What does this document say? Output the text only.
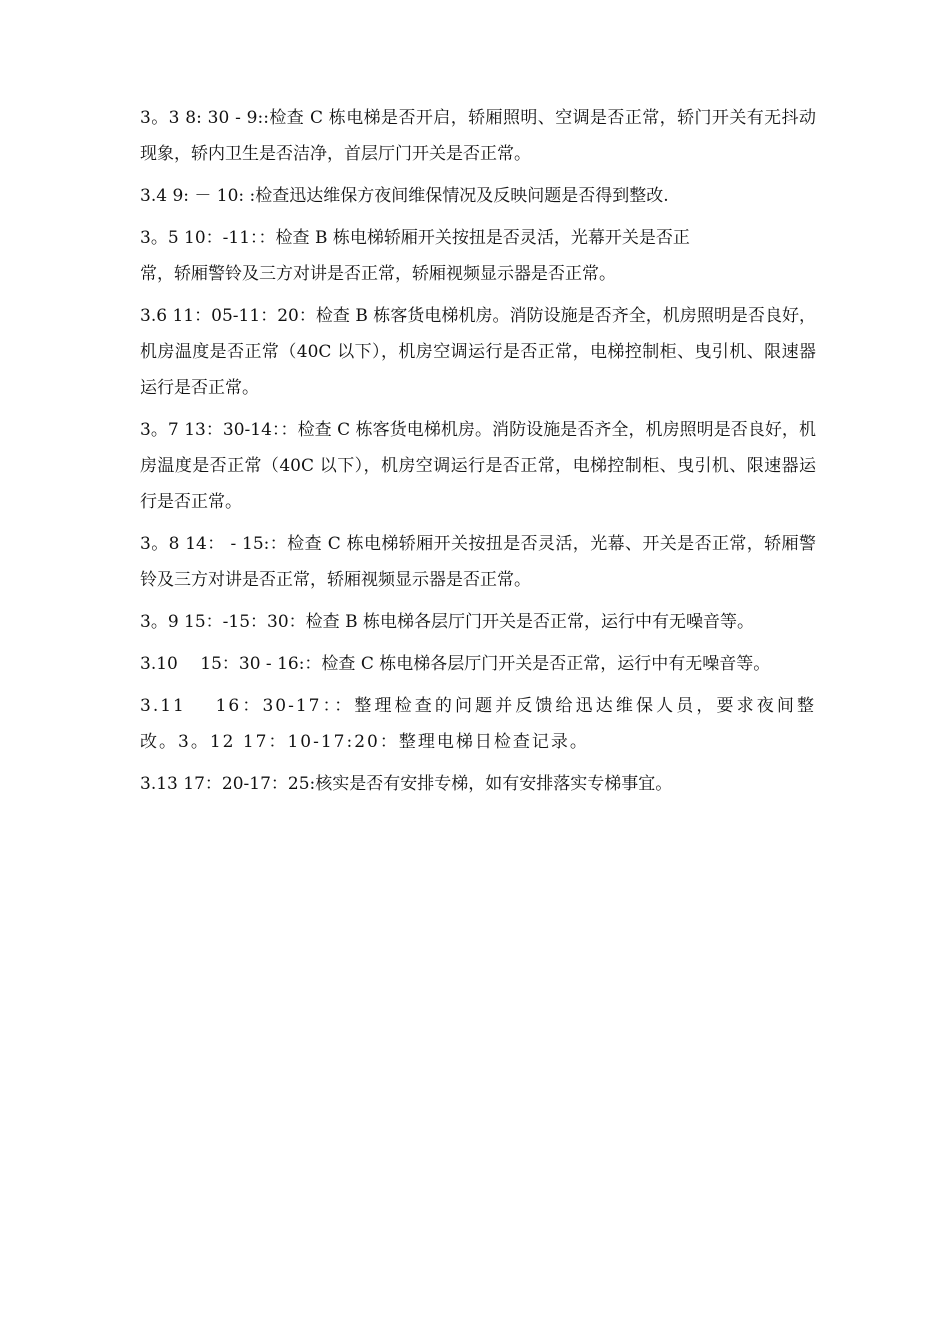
3。3 8: 30 - 9::检查 C 栋电梯是否开启，轿厢照明、空调是否正常，轿门开关有无抖动现象，轿内卫生是否洁净，首层厅门开关是否正常。

3.4 9: － 10: :检查迅达维保方夜间维保情况及反映问题是否得到整改.

3。5 10：-11：：检查 B 栋电梯轿厢开关按扭是否灵活，光幕开关是否正

常，轿厢警铃及三方对讲是否正常，轿厢视频显示器是否正常。

3.6 11：05-11：20：检查 B 栋客货电梯机房。消防设施是否齐全，机房照明是否良好，机房温度是否正常（40C 以下），机房空调运行是否正常，电梯控制柜、曳引机、限速器运行是否正常。

3。7 13：30-14：：检查 C 栋客货电梯机房。消防设施是否齐全，机房照明是否良好，机房温度是否正常（40C 以下），机房空调运行是否正常，电梯控制柜、曳引机、限速器运行是否正常。

3。8 14： - 15:：检查 C 栋电梯轿厢开关按扭是否灵活，光幕、开关是否正常，轿厢警铃及三方对讲是否正常，轿厢视频显示器是否正常。

3。9 15：-15：30：检查 B 栋电梯各层厅门开关是否正常，运行中有无噪音等。

3.10　 15：30 - 16:：检查 C 栋电梯各层厅门开关是否正常，运行中有无噪音等。

3.11　 16：30-17：：整理检查的问题并反馈给迅达维保人员，要求夜间整改。3。12 17：10-17:20：整理电梯日检查记录。

3.13 17：20-17：25:核实是否有安排专梯，如有安排落实专梯事宜。
